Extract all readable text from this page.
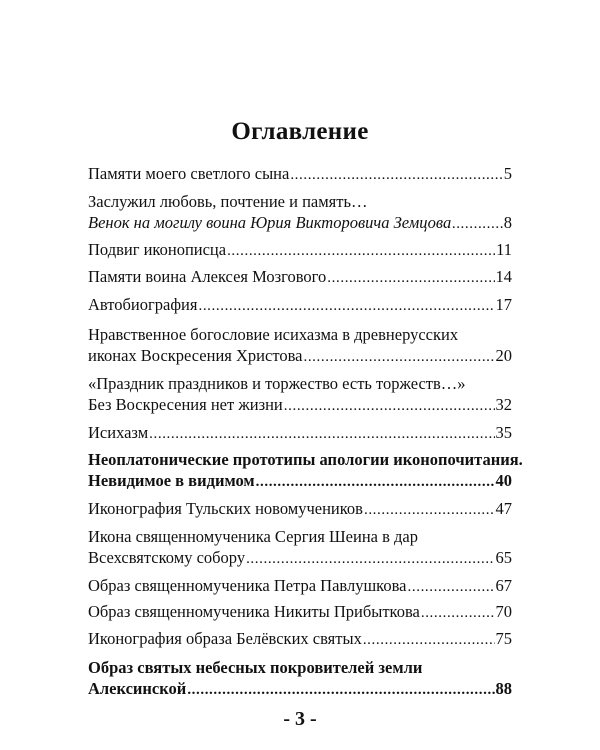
Оглавление
Памяти моего светлого сына .....	5
Заслужил любовь, почтение и память…
Венок на могилу воина Юрия Викторовича Земцова .....	8
Подвиг иконописца .....	11
Памяти воина Алексея Мозгового .....	14
Автобиография .....	17
Нравственное богословие исихазма в древнерусских
иконах Воскресения Христова .....	20
«Праздник праздников и торжество есть торжеств…»
Без Воскресения нет жизни .....	32
Исихазм .....	35
Неоплатонические прототипы апологии иконопочитания.
Невидимое в видимом .....	40
Иконография Тульских новомучеников .....	47
Икона священномученика Сергия Шеина в дар
Всехсвятскому собору .....	65
Образ священномученика Петра Павлушкова .....	67
Образ священномученика Никиты Прибыткова .....	70
Иконография образа Белёвских святых .....	75
Образ святых небесных покровителей земли
Алексинской .....	88
- 3 -
